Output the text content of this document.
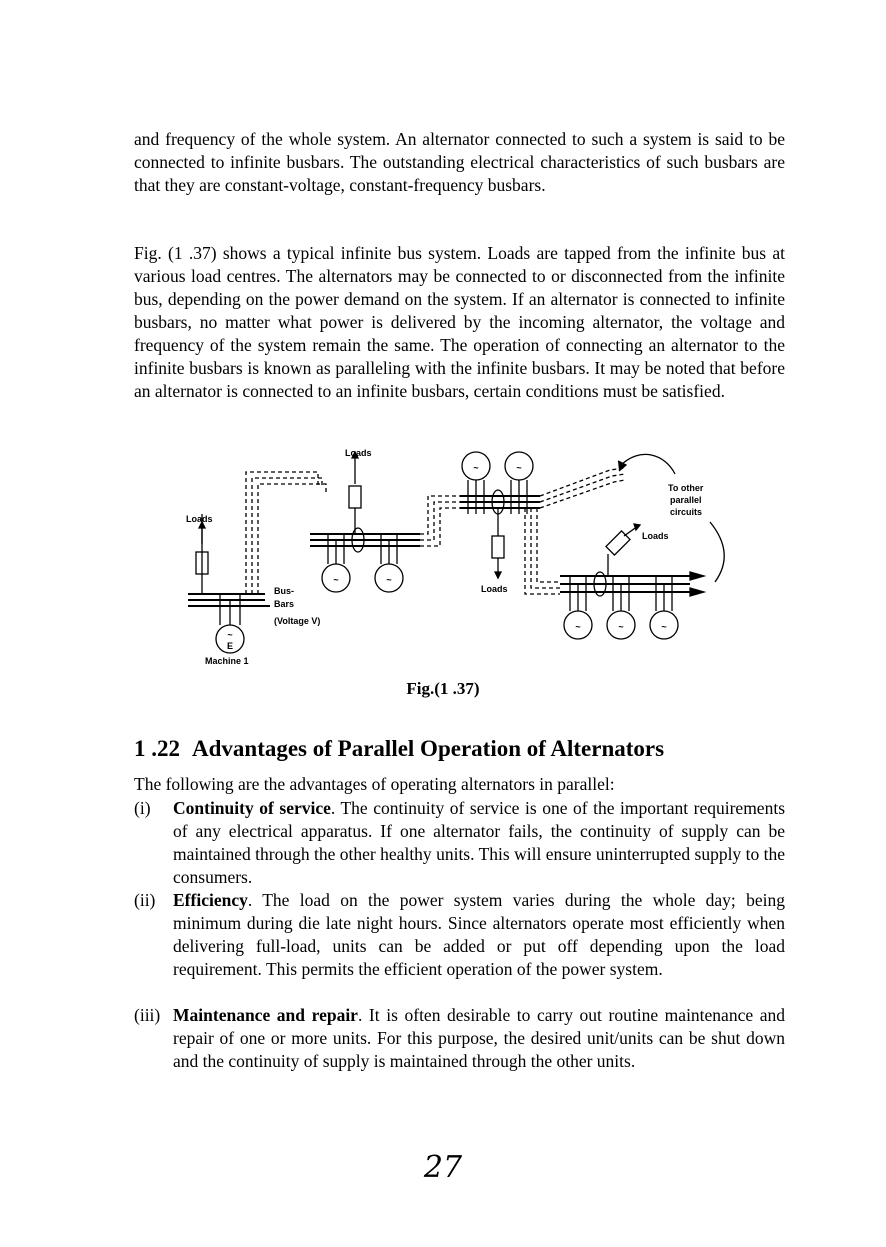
and frequency of the whole system. An alternator connected to such a system is said to be connected to infinite busbars. The outstanding electrical characteristics of such busbars are that they are constant-voltage, constant-frequency busbars.

Fig. (1 .37) shows a typical infinite bus system. Loads are tapped from the infinite bus at various load centres. The alternators may be connected to or disconnected from the infinite bus, depending on the power demand on the system. If an alternator is connected to infinite busbars, no matter what power is delivered by the incoming alternator, the voltage and frequency of the system remain the same. The operation of connecting an alternator to the infinite busbars is known as paralleling with the infinite busbars. It may be noted that before an alternator is connected to an infinite busbars, certain conditions must be satisfied.

~
E
Machine 1
Loads
Bus-
Bars
(Voltage V)
Loads
~	~
~	~
Loads
To other
parallel
circuits
~	~	~
Loads
Fig.(1 .37)
1 .22 Advantages of Parallel Operation of Alternators

The following are the advantages of operating alternators in parallel:

(i) Continuity of service. The continuity of service is one of the important requirements of any electrical apparatus. If one alternator fails, the continuity of supply can be maintained through the other healthy units. This will ensure uninterrupted supply to the consumers.
(ii) Efficiency. The load on the power system varies during the whole day; being minimum during die late night hours. Since alternators operate most efficiently when delivering full-load, units can be added or put off depending upon the load requirement. This permits the efficient operation of the power system.
(iii) Maintenance and repair. It is often desirable to carry out routine maintenance and repair of one or more units. For this purpose, the desired unit/units can be shut down and the continuity of supply is maintained through the other units.
27
